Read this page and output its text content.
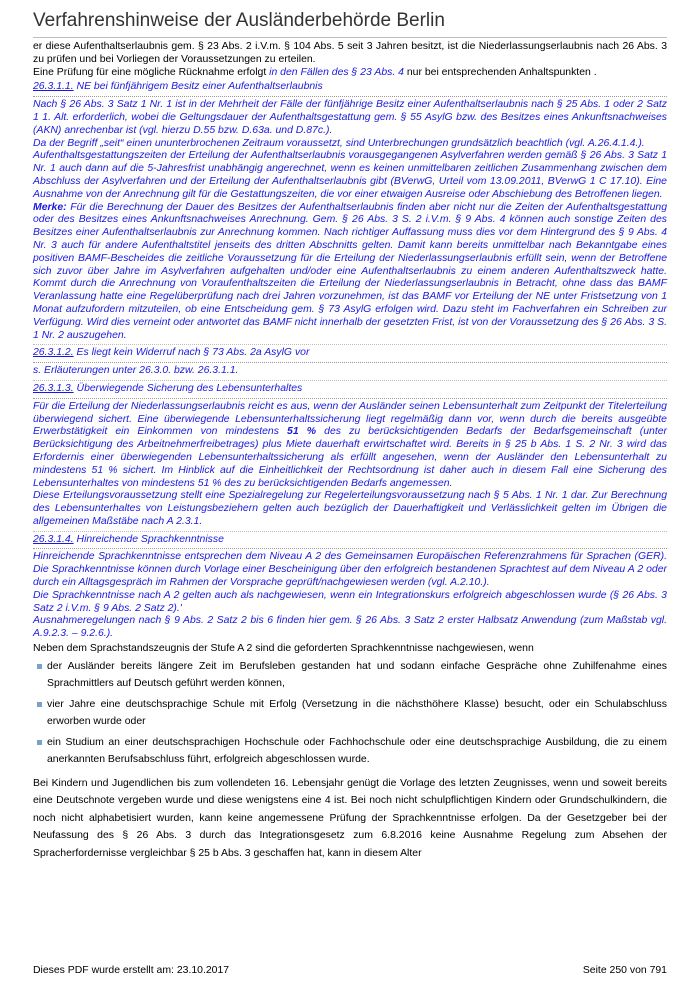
Verfahrenshinweise der Ausländerbehörde Berlin

er diese Aufenthaltserlaubnis gem. § 23 Abs. 2 i.V.m. § 104 Abs. 5 seit 3 Jahren besitzt, ist die Niederlassungserlaubnis nach 26 Abs. 3 zu prüfen und bei Vorliegen der Voraussetzungen zu erteilen.

Eine Prüfung für eine mögliche Rücknahme erfolgt in den Fällen des § 23 Abs. 4 nur bei entsprechenden Anhaltspunkten .

26.3.1.1. NE bei fünfjährigem Besitz einer Aufenthaltserlaubnis

Nach § 26 Abs. 3 Satz 1 Nr. 1 ist in der Mehrheit der Fälle der fünfjährige Besitz einer Aufenthaltserlaubnis nach § 25 Abs. 1 oder 2 Satz 1 1. Alt. erforderlich, wobei die Geltungsdauer der Aufenthaltsgestattung gem. § 55 AsylG bzw. des Besitzes eines Ankunftsnachweises (AKN) anrechenbar ist (vgl. hierzu D.55 bzw. D.63a. und D.87c.).

Da der Begriff „seit“ einen ununterbrochenen Zeitraum voraussetzt, sind Unterbrechungen grundsätzlich beachtlich (vgl. A.26.4.1.4.).

Aufenthaltsgestattungszeiten der Erteilung der Aufenthaltserlaubnis vorausgegangenen Asylverfahren werden gemäß § 26 Abs. 3 Satz 1 Nr. 1 auch dann auf die 5-Jahresfrist unabhängig angerechnet, wenn es keinen unmittelbaren zeitlichen Zusammenhang zwischen dem Abschluss der Asylverfahren und der Erteilung der Aufenthaltserlaubnis gibt (BVerwG, Urteil vom 13.09.2011, BVerwG 1 C 17.10). Eine Ausnahme von der Anrechnung gilt für die Gestattungszeiten, die vor einer etwaigen Ausreise oder Abschiebung des Betroffenen liegen.

Merke: Für die Berechnung der Dauer des Besitzes der Aufenthaltserlaubnis finden aber nicht nur die Zeiten der Aufenthaltsgestattung oder des Besitzes eines Ankunftsnachweises Anrechnung. Gem. § 26 Abs. 3 S. 2 i.V.m. § 9 Abs. 4 können auch sonstige Zeiten des Besitzes einer Aufenthaltserlaubnis zur Anrechnung kommen. Nach richtiger Auffassung muss dies vor dem Hintergrund des § 9 Abs. 4 Nr. 3 auch für andere Aufenthaltstitel jenseits des dritten Abschnitts gelten. Damit kann bereits unmittelbar nach Bekanntgabe eines positiven BAMF-Bescheides die zeitliche Voraussetzung für die Erteilung der Niederlassungserlaubnis erfüllt sein, wenn der Betroffene sich zuvor über Jahre im Asylverfahren aufgehalten und/oder eine Aufenthaltserlaubnis zu einem anderen Aufenthaltszweck hatte. Kommt durch die Anrechnung von Voraufenthaltszeiten die Erteilung der Niederlassungserlaubnis in Betracht, ohne dass das BAMF Veranlassung hatte eine Regelüberprüfung nach drei Jahren vorzunehmen, ist das BAMF vor Erteilung der NE unter Fristsetzung von 1 Monat aufzufordern mitzuteilen, ob eine Entscheidung gem. § 73 AsylG erfolgen wird. Dazu steht im Fachverfahren ein Schreiben zur Verfügung. Wird dies verneint oder antwortet das BAMF nicht innerhalb der gesetzten Frist, ist von der Voraussetzung des § 26 Abs. 3 S. 1 Nr. 2 auszugehen.

26.3.1.2. Es liegt kein Widerruf nach § 73 Abs. 2a AsylG vor

s. Erläuterungen unter 26.3.0. bzw. 26.3.1.1.

26.3.1.3. Überwiegende Sicherung des Lebensunterhaltes

Für die Erteilung der Niederlassungserlaubnis reicht es aus, wenn der Ausländer seinen Lebensunterhalt zum Zeitpunkt der Titelerteilung überwiegend sichert. Eine überwiegende Lebensunterhaltssicherung liegt regelmäßig dann vor, wenn durch die bereits ausgeübte Erwerbstätigkeit ein Einkommen von mindestens 51 % des zu berücksichtigenden Bedarfs der Bedarfsgemeinschaft (unter Berücksichtigung des Arbeitnehmerfreibetrages) plus Miete dauerhaft erwirtschaftet wird. Bereits in § 25 b Abs. 1 S. 2 Nr. 3 wird das Erfordernis einer überwiegenden Lebensunterhaltssicherung als erfüllt angesehen, wenn der Ausländer den Lebensunterhalt zu mindestens 51 % sichert. Im Hinblick auf die Einheitlichkeit der Rechtsordnung ist daher auch in diesem Fall eine Sicherung des Lebensunterhaltes von mindestens 51 % des zu berücksichtigenden Bedarfs angemessen.

Diese Erteilungsvoraussetzung stellt eine Spezialregelung zur Regelerteilungsvoraussetzung nach § 5 Abs. 1 Nr. 1 dar. Zur Berechnung des Lebensunterhaltes von Leistungsbeziehern gelten auch bezüglich der Dauerhaftigkeit und Verlässlichkeit gelten im Übrigen die allgemeinen Maßstäbe nach A 2.3.1.

26.3.1.4. Hinreichende Sprachkenntnisse

Hinreichende Sprachkenntnisse entsprechen dem Niveau A 2 des Gemeinsamen Europäischen Referenzrahmens für Sprachen (GER). Die Sprachkenntnisse können durch Vorlage einer Bescheinigung über den erfolgreich bestandenen Sprachtest auf dem Niveau A 2 oder durch ein Alltagsgespräch im Rahmen der Vorsprache geprüft/nachgewiesen werden (vgl. A.2.10.).

Die Sprachkenntnisse nach A 2 gelten auch als nachgewiesen, wenn ein Integrationskurs erfolgreich abgeschlossen wurde (§ 26 Abs. 3 Satz 2 i.V.m. § 9 Abs. 2 Satz 2).'

Ausnahmeregelungen nach § 9 Abs. 2 Satz 2 bis 6 finden hier gem. § 26 Abs. 3 Satz 2 erster Halbsatz Anwendung (zum Maßstab vgl. A.9.2.3. – 9.2.6.).

Neben dem Sprachstandszeugnis der Stufe A 2 sind die geforderten Sprachkenntnisse nachgewiesen, wenn

der Ausländer bereits längere Zeit im Berufsleben gestanden hat und sodann einfache Gespräche ohne Zuhilfenahme eines Sprachmittlers auf Deutsch geführt werden können,
vier Jahre eine deutschsprachige Schule mit Erfolg (Versetzung in die nächsthöhere Klasse) besucht, oder ein Schulabschluss erworben wurde oder
ein Studium an einer deutschsprachigen Hochschule oder Fachhochschule oder eine deutschsprachige Ausbildung, die zu einem anerkannten Berufsabschluss führt, erfolgreich abgeschlossen wurde.

Bei Kindern und Jugendlichen bis zum vollendeten 16. Lebensjahr genügt die Vorlage des letzten Zeugnisses, wenn und soweit bereits eine Deutschnote vergeben wurde und diese wenigstens eine 4 ist. Bei noch nicht schulpflichtigen Kindern oder Grundschulkindern, die noch nicht alphabetisiert wurden, kann keine angemessene Prüfung der Sprachkenntnisse erfolgen. Da der Gesetzgeber bei der Neufassung des § 26 Abs. 3 durch das Integrationsgesetz zum 6.8.2016 keine Ausnahme Regelung zum Absehen der Spracherfordernisse vergleichbar § 25 b Abs. 3 geschaffen hat, kann in diesem Alter

Dieses PDF wurde erstellt am: 23.10.2017	Seite 250 von 791
